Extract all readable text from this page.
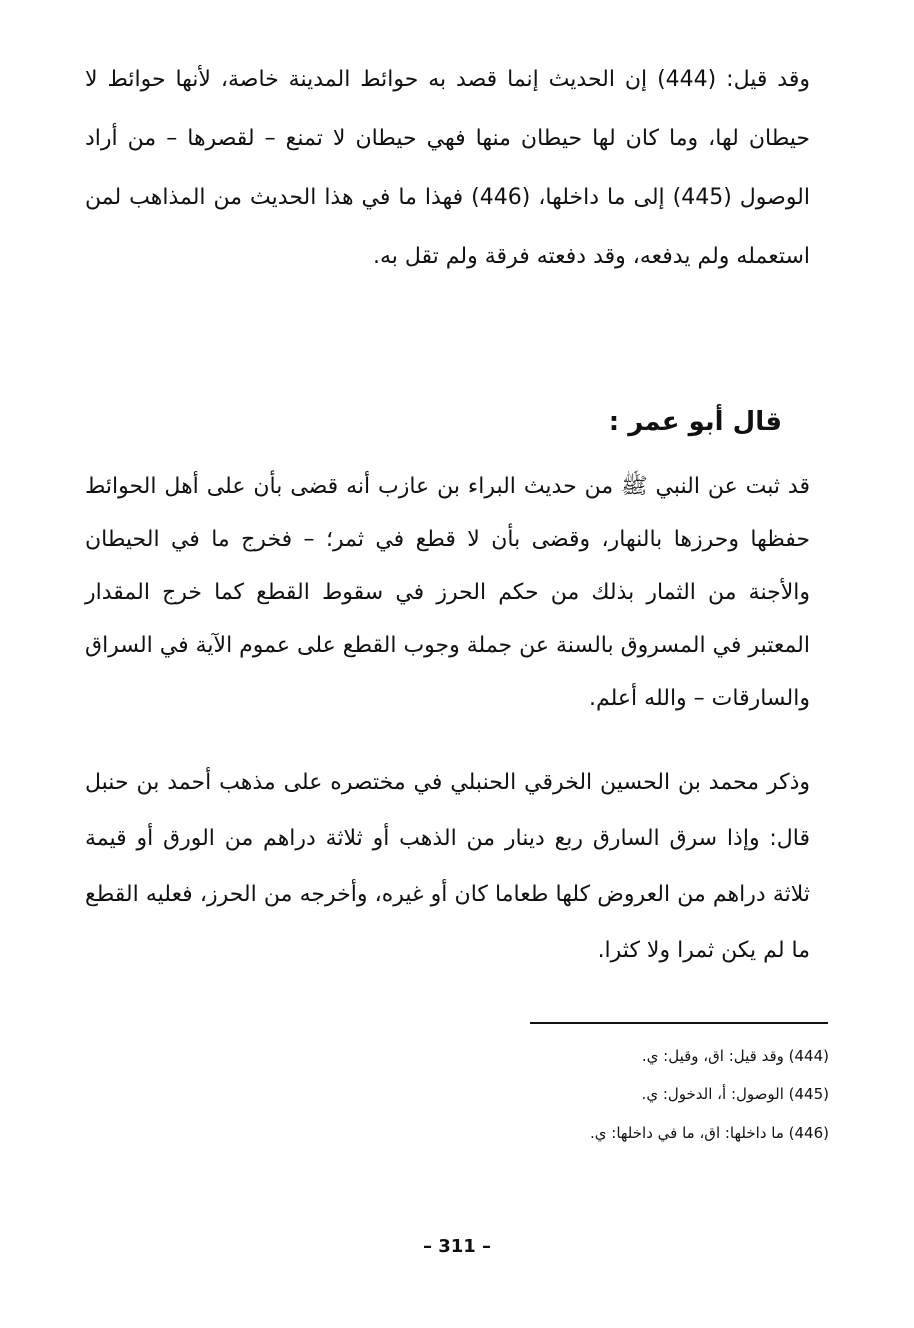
وقد قيل: (444) إن الحديث إنما قصد به حوائط المدينة خاصة، لأنها حوائط لا حيطان لها، وما كان لها حيطان منها فهي حيطان لا تمنع – لقصرها – من أراد الوصول (445) إلى ما داخلها، (446) فهذا ما في هذا الحديث من المذاهب لمن استعمله ولم يدفعه، وقد دفعته فرقة ولم تقل به.

قال أبو عمر :

قد ثبت عن النبي ﷺ من حديث البراء بن عازب أنه قضى بأن على أهل الحوائط حفظها وحرزها بالنهار، وقضى بأن لا قطع في ثمر؛ – فخرج ما في الحيطان والأجنة من الثمار بذلك من حكم الحرز في سقوط القطع كما خرج المقدار المعتبر في المسروق بالسنة عن جملة وجوب القطع على عموم الآية في السراق والسارقات – والله أعلم.

وذكر محمد بن الحسين الخرقي الحنبلي في مختصره على مذهب أحمد بن حنبل قال: وإذا سرق السارق ربع دينار من الذهب أو ثلاثة دراهم من الورق أو قيمة ثلاثة دراهم من العروض كلها طعاما كان أو غيره، وأخرجه من الحرز، فعليه القطع ما لم يكن ثمرا ولا كثرا.

(444) وقد قيل: اق، وقيل: ي.
(445) الوصول: أ، الدخول: ي.
(446) ما داخلها: اق، ما في داخلها: ي.
– 311 –
